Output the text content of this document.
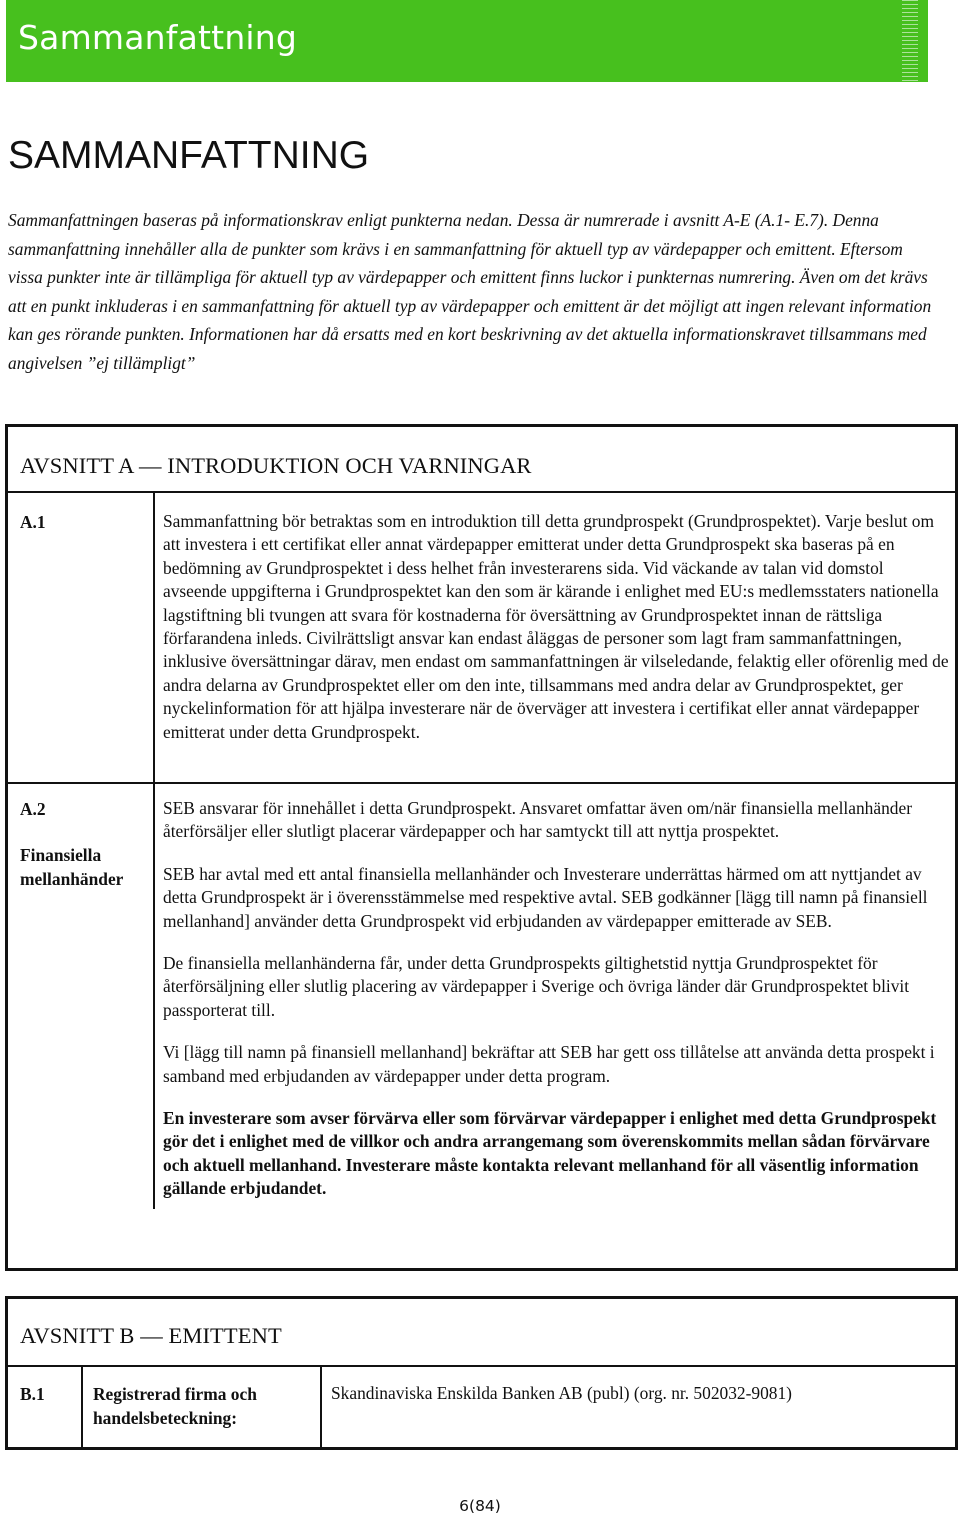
Sammanfattning
SAMMANFATTNING

Sammanfattningen baseras på informationskrav enligt punkterna nedan. Dessa är numrerade i avsnitt A-E (A.1- E.7). Denna sammanfattning innehåller alla de punkter som krävs i en sammanfattning för aktuell typ av värdepapper och emittent. Eftersom vissa punkter inte är tillämpliga för aktuell typ av värdepapper och emittent finns luckor i punkternas numrering. Även om det krävs att en punkt inkluderas i en sammanfattning för aktuell typ av värdepapper och emittent är det möjligt att ingen relevant information kan ges rörande punkten. Informationen har då ersatts med en kort beskrivning av det aktuella informationskravet tillsammans med angivelsen ”ej tillämpligt”

AVSNITT A — INTRODUKTION OCH VARNINGAR
A.1	Sammanfattning bör betraktas som en introduktion till detta grundprospekt (Grundprospektet). Varje beslut om att investera i ett certifikat eller annat värdepapper emitterat under detta Grundprospekt ska baseras på en bedömning av Grundprospektet i dess helhet från investerarens sida. Vid väckande av talan vid domstol avseende uppgifterna i Grundprospektet kan den som är kärande i enlighet med EU:s medlemsstaters nationella lagstiftning bli tvungen att svara för kostnaderna för översättning av Grundprospektet innan de rättsliga förfarandena inleds. Civilrättsligt ansvar kan endast åläggas de personer som lagt fram sammanfattningen, inklusive översättningar därav, men endast om sammanfattningen är vilseledande, felaktig eller oförenlig med de andra delarna av Grundprospektet eller om den inte, tillsammans med andra delar av Grundprospektet, ger nyckelinformation för att hjälpa investerare när de överväger att investera i certifikat eller annat värdepapper emitterat under detta Grundprospekt.

A.2
Finansiella
mellanhänder

SEB ansvarar för innehållet i detta Grundprospekt. Ansvaret omfattar även om/när finansiella mellanhänder återförsäljer eller slutligt placerar värdepapper och har samtyckt till att nyttja prospektet.

SEB har avtal med ett antal finansiella mellanhänder och Investerare underrättas härmed om att nyttjandet av detta Grundprospekt är i överensstämmelse med respektive avtal. SEB godkänner [lägg till namn på finansiell mellanhand] använder detta Grundprospekt vid erbjudanden av värdepapper emitterade av SEB.

De finansiella mellanhänderna får, under detta Grundprospekts giltighetstid nyttja Grundprospektet för återförsäljning eller slutlig placering av värdepapper i Sverige och övriga länder där Grundprospektet blivit passporterat till.

Vi [lägg till namn på finansiell mellanhand] bekräftar att SEB har gett oss tillåtelse att använda detta prospekt i samband med erbjudanden av värdepapper under detta program.

En investerare som avser förvärva eller som förvärvar värdepapper i enlighet med detta Grundprospekt gör det i enlighet med de villkor och andra arrangemang som överenskommits mellan sådan förvärvare och aktuell mellanhand. Investerare måste kontakta relevant mellanhand för all väsentlig information gällande erbjudandet.

AVSNITT B — EMITTENT
B.1	Registrerad firma och
handelsbeteckning:
Skandinaviska Enskilda Banken AB (publ) (org. nr. 502032-9081)
6(84)
